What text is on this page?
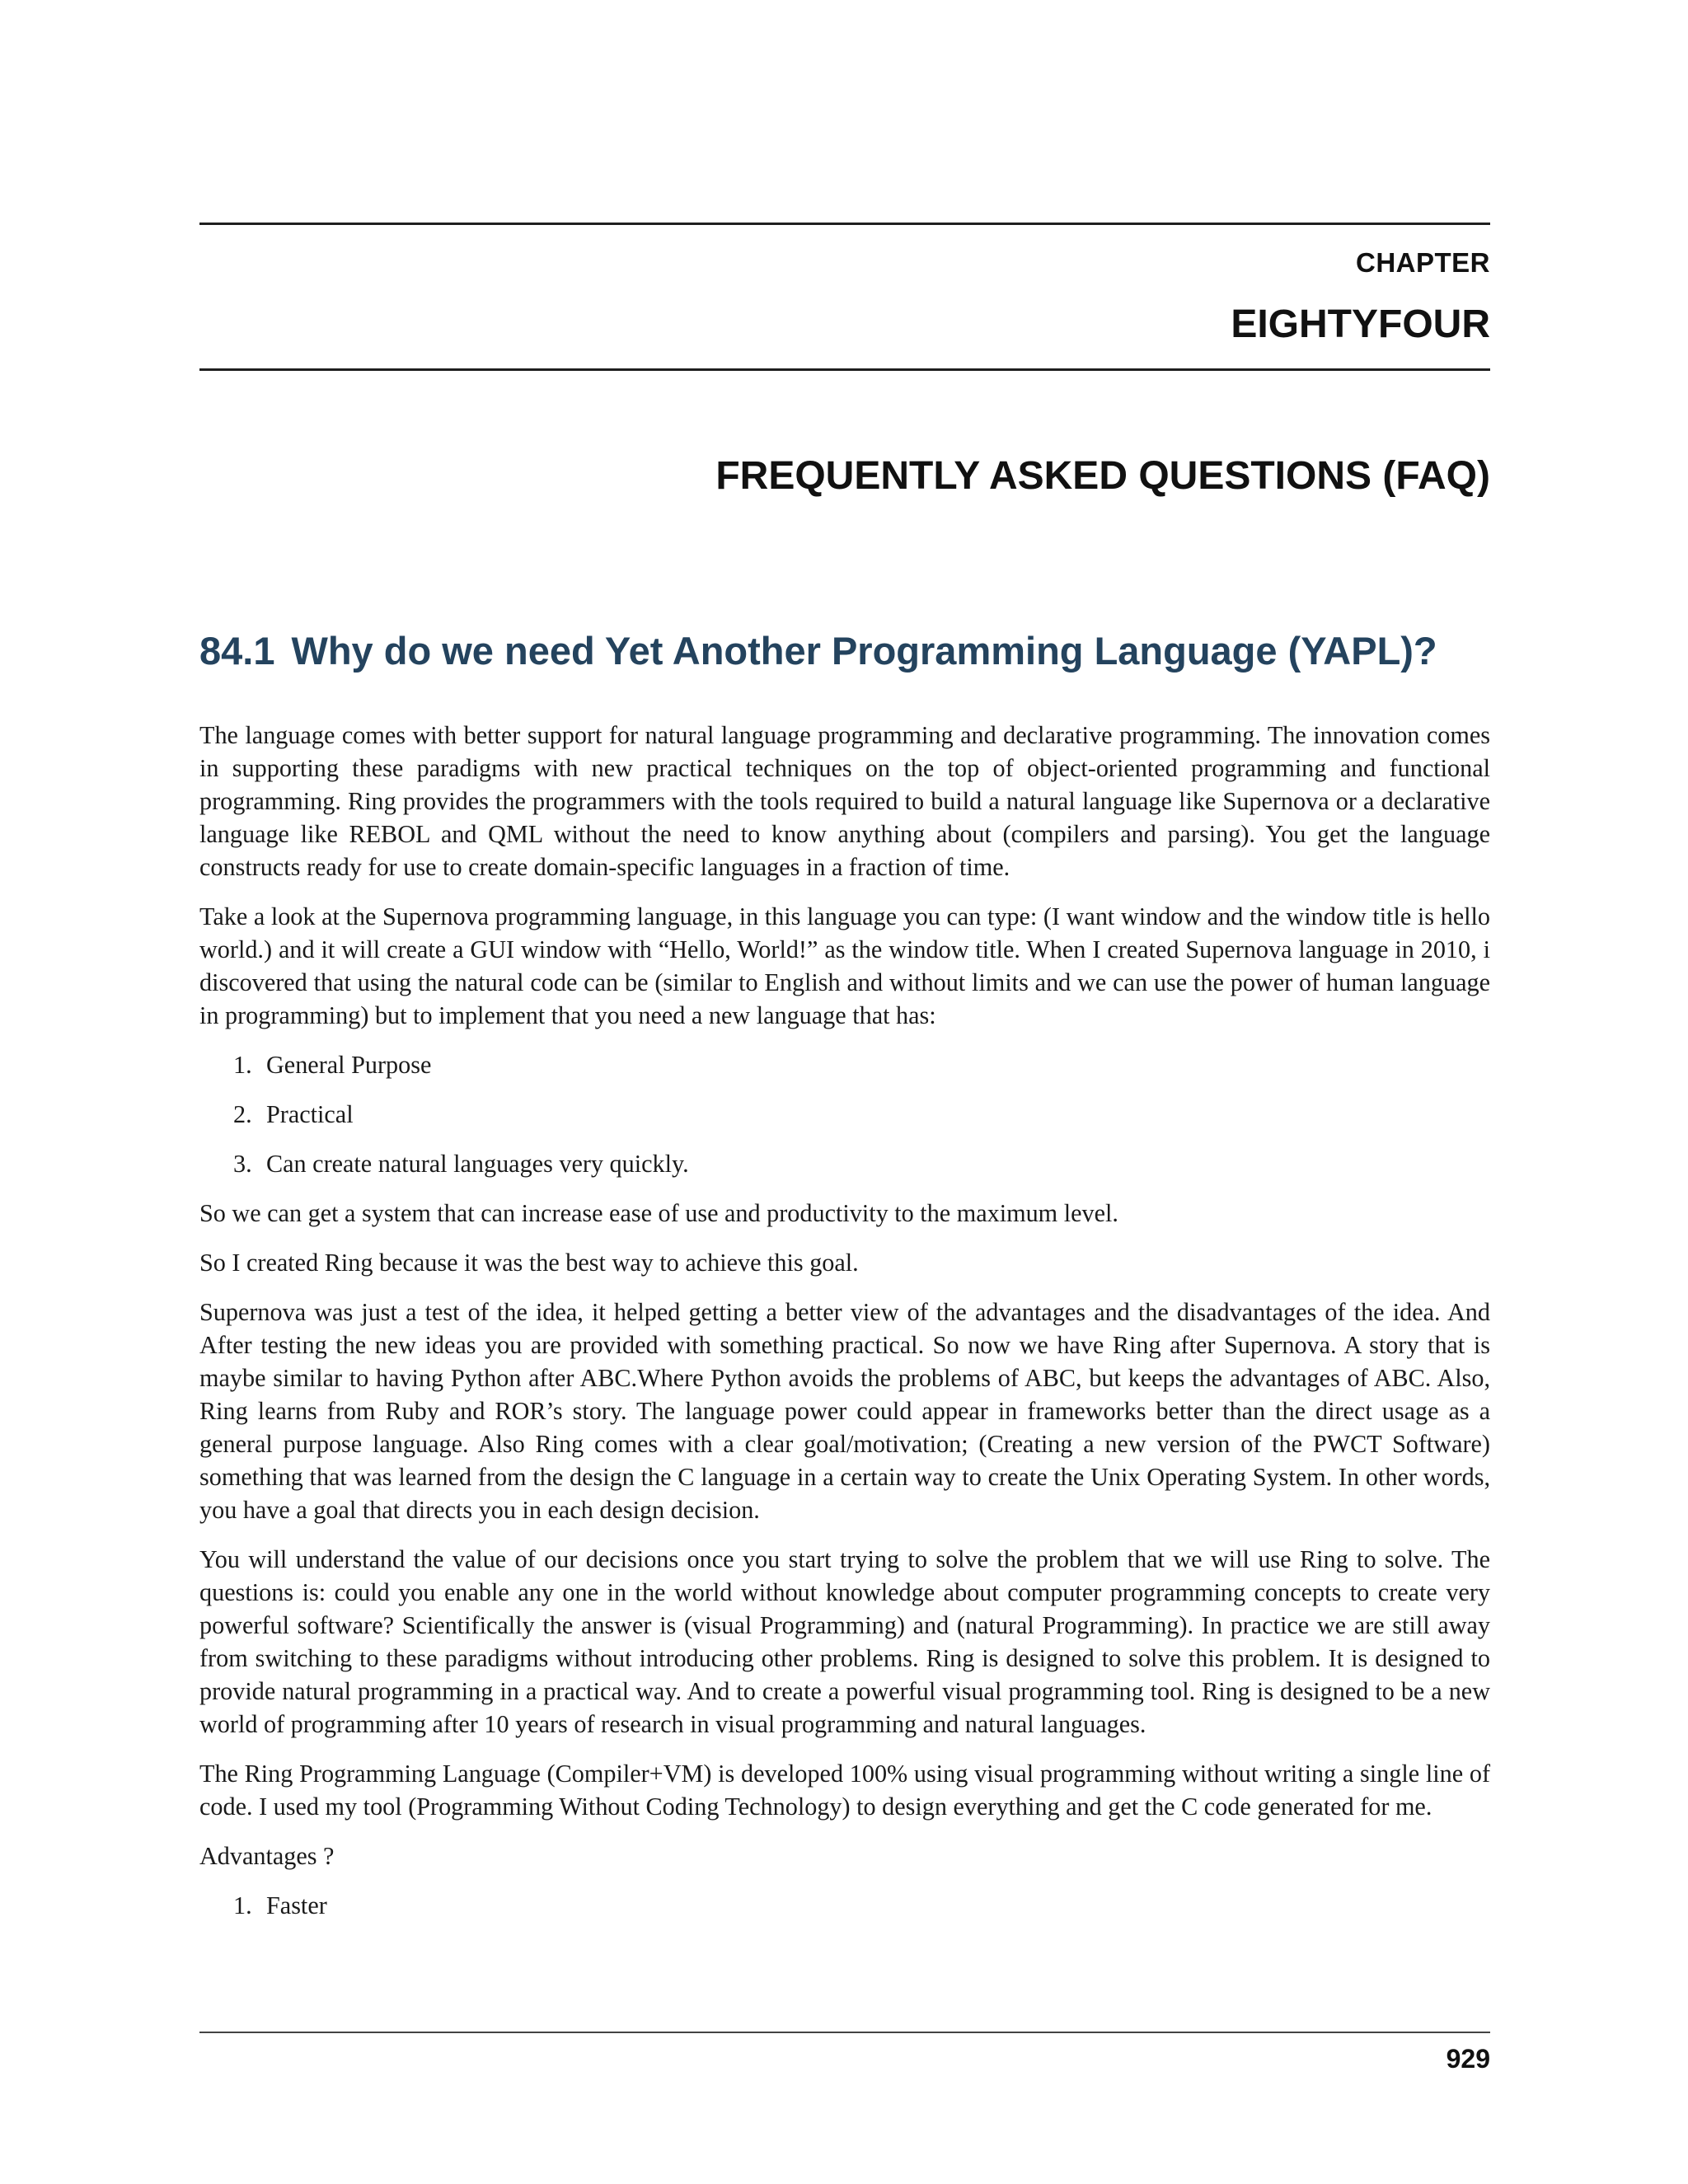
CHAPTER
EIGHTYFOUR
FREQUENTLY ASKED QUESTIONS (FAQ)
84.1 Why do we need Yet Another Programming Language (YAPL)?

The language comes with better support for natural language programming and declarative programming. The innovation comes in supporting these paradigms with new practical techniques on the top of object-oriented programming and functional programming. Ring provides the programmers with the tools required to build a natural language like Supernova or a declarative language like REBOL and QML without the need to know anything about (compilers and parsing). You get the language constructs ready for use to create domain-specific languages in a fraction of time.

Take a look at the Supernova programming language, in this language you can type: (I want window and the window title is hello world.) and it will create a GUI window with “Hello, World!” as the window title. When I created Supernova language in 2010, i discovered that using the natural code can be (similar to English and without limits and we can use the power of human language in programming) but to implement that you need a new language that has:

1. General Purpose
2. Practical
3. Can create natural languages very quickly.

So we can get a system that can increase ease of use and productivity to the maximum level.

So I created Ring because it was the best way to achieve this goal.

Supernova was just a test of the idea, it helped getting a better view of the advantages and the disadvantages of the idea. And After testing the new ideas you are provided with something practical. So now we have Ring after Supernova. A story that is maybe similar to having Python after ABC.Where Python avoids the problems of ABC, but keeps the advantages of ABC. Also, Ring learns from Ruby and ROR’s story. The language power could appear in frameworks better than the direct usage as a general purpose language. Also Ring comes with a clear goal/motivation; (Creating a new version of the PWCT Software) something that was learned from the design the C language in a certain way to create the Unix Operating System. In other words, you have a goal that directs you in each design decision.

You will understand the value of our decisions once you start trying to solve the problem that we will use Ring to solve. The questions is: could you enable any one in the world without knowledge about computer programming concepts to create very powerful software? Scientifically the answer is (visual Programming) and (natural Programming). In practice we are still away from switching to these paradigms without introducing other problems. Ring is designed to solve this problem. It is designed to provide natural programming in a practical way. And to create a powerful visual programming tool. Ring is designed to be a new world of programming after 10 years of research in visual programming and natural languages.

The Ring Programming Language (Compiler+VM) is developed 100% using visual programming without writing a single line of code. I used my tool (Programming Without Coding Technology) to design everything and get the C code generated for me.

Advantages ?

1. Faster
929
